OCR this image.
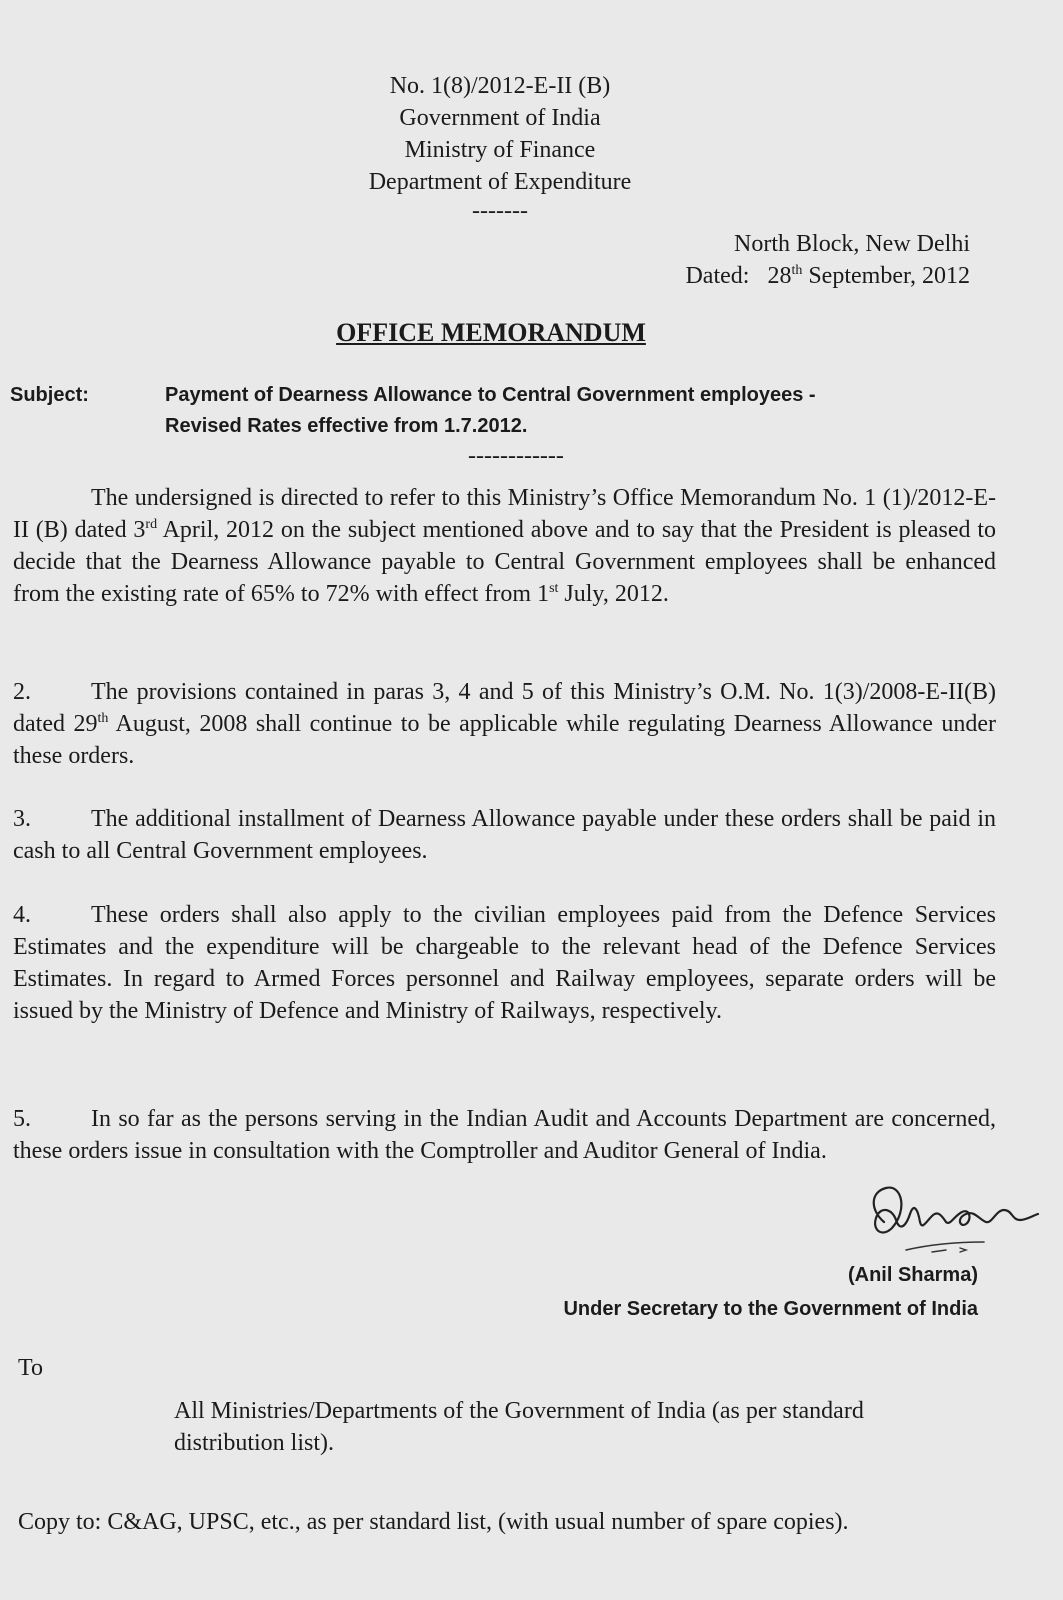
No. 1(8)/2012-E-II (B)
Government of India
Ministry of Finance
Department of Expenditure
-------
North Block, New Delhi
Dated: 28th September, 2012
OFFICE MEMORANDUM
Subject:	Payment of Dearness Allowance to Central Government employees -
Revised Rates effective from 1.7.2012.
------------

The undersigned is directed to refer to this Ministry’s Office Memorandum No. 1 (1)/2012-E-II (B) dated 3rd April, 2012 on the subject mentioned above and to say that the President is pleased to decide that the Dearness Allowance payable to Central Government employees shall be enhanced from the existing rate of 65% to 72% with effect from 1st July, 2012.

2.	The provisions contained in paras 3, 4 and 5 of this Ministry’s O.M. No. 1(3)/2008-E-II(B) dated 29th August, 2008 shall continue to be applicable while regulating Dearness Allowance under these orders.

3.	The additional installment of Dearness Allowance payable under these orders shall be paid in cash to all Central Government employees.

4.	These orders shall also apply to the civilian employees paid from the Defence Services Estimates and the expenditure will be chargeable to the relevant head of the Defence Services Estimates. In regard to Armed Forces personnel and Railway employees, separate orders will be issued by the Ministry of Defence and Ministry of Railways, respectively.

5.	In so far as the persons serving in the Indian Audit and Accounts Department are concerned, these orders issue in consultation with the Comptroller and Auditor General of India.

(Anil Sharma)
Under Secretary to the Government of India
To

All Ministries/Departments of the Government of India (as per standard distribution list).

Copy to: C&AG, UPSC, etc., as per standard list, (with usual number of spare copies).
